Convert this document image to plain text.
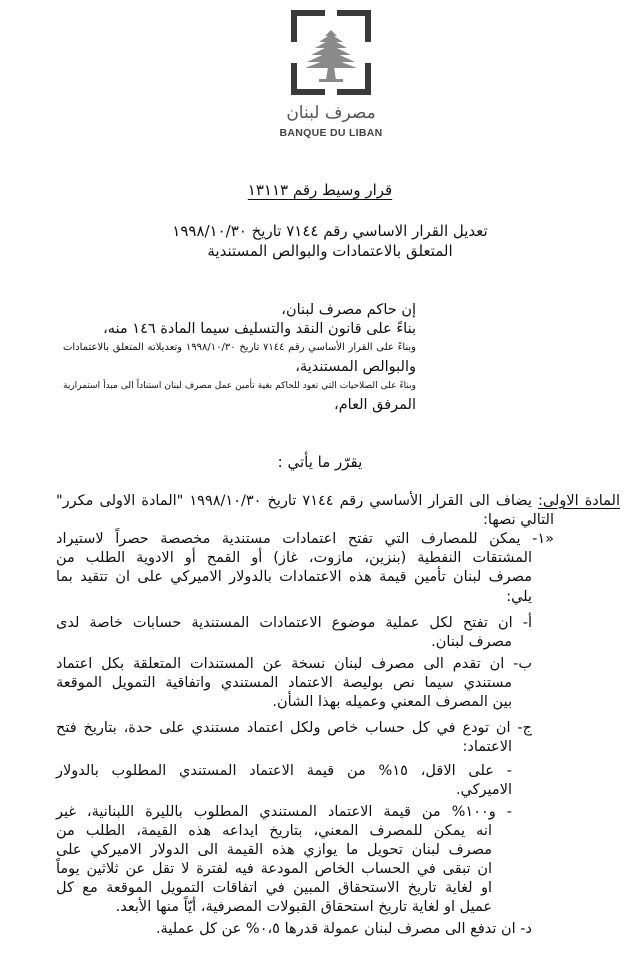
مصرف لبنان
BANQUE DU LIBAN
قرار وسيط رقم ١٣١١٣
تعديل القرار الاساسي رقم ٧١٤٤ تاريخ ١٩٩٨/١٠/٣٠
المتعلق بالاعتمادات والبوالص المستندية
إن حاكم مصرف لبنان،
بناءً على قانون النقد والتسليف سيما المادة ١٤٦ منه،
وبناءً على القرار الأساسي رقم ٧١٤٤ تاريخ ١٩٩٨/١٠/٣٠ وتعديلاته المتعلق بالاعتمادات
والبوالص المستندية،
وبناءً على الصلاحيات التي تعود للحاكم بغية تأمين عمل مصرف لبنان استناداً الى مبدأ استمرارية
المرفق العام،
يقرّر ما يأتي :
المادة الاولى: يضاف الى القرار الأساسي رقم ٧١٤٤ تاريخ ١٩٩٨/١٠/٣٠ "المادة الاولى مكرر"
التالي نصها:
«١- يمكن للمصارف التي تفتح اعتمادات مستندية مخصصة حصراً لاستيراد
المشتقات النفطية (بنزين، مازوت، غاز) أو القمح أو الادوية الطلب من
مصرف لبنان تأمين قيمة هذه الاعتمادات بالدولار الاميركي على ان تتقيد بما
يلي:
أ- ان تفتح لكل عملية موضوع الاعتمادات المستندية حسابات خاصة لدى
مصرف لبنان.
ب- ان تقدم الى مصرف لبنان نسخة عن المستندات المتعلقة بكل اعتماد
مستندي سيما نص بوليصة الاعتماد المستندي واتفاقية التمويل الموقعة
بين المصرف المعني وعميله بهذا الشأن.
ج- ان تودع في كل حساب خاص ولكل اعتماد مستندي على حدة، بتاريخ فتح
الاعتماد:
- على الاقل، ١٥% من قيمة الاعتماد المستندي المطلوب بالدولار
الاميركي.
- و١٠٠% من قيمة الاعتماد المستندي المطلوب بالليرة اللبنانية، غير
انه يمكن للمصرف المعني، بتاريخ ايداعه هذه القيمة، الطلب من
مصرف لبنان تحويل ما يوازي هذه القيمة الى الدولار الاميركي على
ان تبقى في الحساب الخاص المودعة فيه لفترة لا تقل عن ثلاثين يوماً
او لغاية تاريخ الاستحقاق المبين في اتفاقات التمويل الموقعة مع كل
عميل او لغاية تاريخ استحقاق القبولات المصرفية، أيّاً منها الأبعد.
د- ان تدفع الى مصرف لبنان عمولة قدرها ٠،٥% عن كل عملية.
